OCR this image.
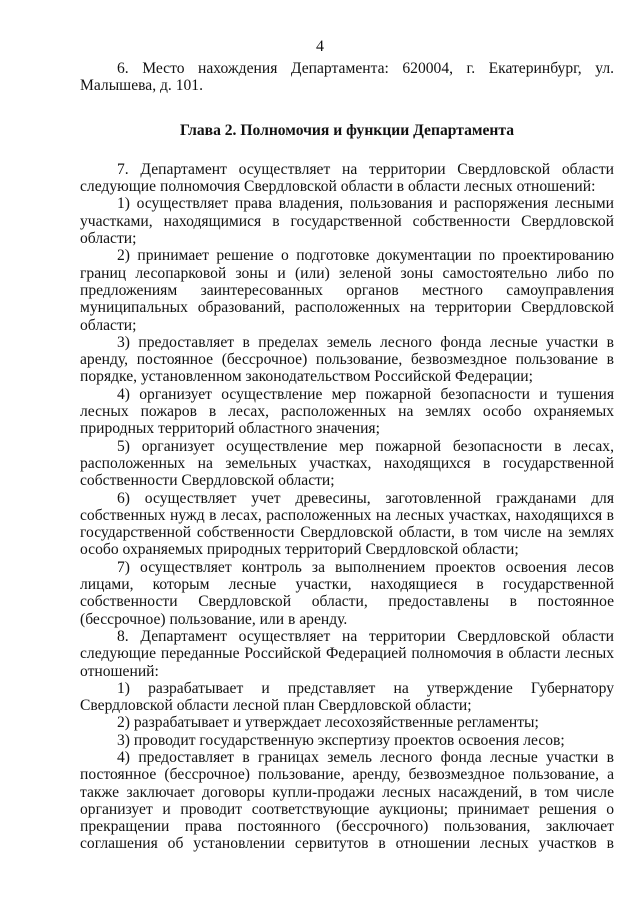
4

6. Место нахождения Департамента: 620004, г. Екатеринбург, ул. Малышева, д. 101.

Глава 2. Полномочия и функции Департамента

7. Департамент осуществляет на территории Свердловской области следующие полномочия Свердловской области в области лесных отношений:

1) осуществляет права владения, пользования и распоряжения лесными участками, находящимися в государственной собственности Свердловской области;

2) принимает решение о подготовке документации по проектированию границ лесопарковой зоны и (или) зеленой зоны самостоятельно либо по предложениям заинтересованных органов местного самоуправления муниципальных образований, расположенных на территории Свердловской области;

3) предоставляет в пределах земель лесного фонда лесные участки в аренду, постоянное (бессрочное) пользование, безвозмездное пользование в порядке, установленном законодательством Российской Федерации;

4) организует осуществление мер пожарной безопасности и тушения лесных пожаров в лесах, расположенных на землях особо охраняемых природных территорий областного значения;

5) организует осуществление мер пожарной безопасности в лесах, расположенных на земельных участках, находящихся в государственной собственности Свердловской области;

6) осуществляет учет древесины, заготовленной гражданами для собственных нужд в лесах, расположенных на лесных участках, находящихся в государственной собственности Свердловской области, в том числе на землях особо охраняемых природных территорий Свердловской области;

7) осуществляет контроль за выполнением проектов освоения лесов лицами, которым лесные участки, находящиеся в государственной собственности Свердловской области, предоставлены в постоянное (бессрочное) пользование, или в аренду.

8. Департамент осуществляет на территории Свердловской области следующие переданные Российской Федерацией полномочия в области лесных отношений:

1) разрабатывает и представляет на утверждение Губернатору Свердловской области лесной план Свердловской области;

2) разрабатывает и утверждает лесохозяйственные регламенты;

3) проводит государственную экспертизу проектов освоения лесов;

4) предоставляет в границах земель лесного фонда лесные участки в постоянное (бессрочное) пользование, аренду, безвозмездное пользование, а также заключает договоры купли-продажи лесных насаждений, в том числе организует и проводит соответствующие аукционы; принимает решения о прекращении права постоянного (бессрочного) пользования, заключает соглашения об установлении сервитутов в отношении лесных участков в
